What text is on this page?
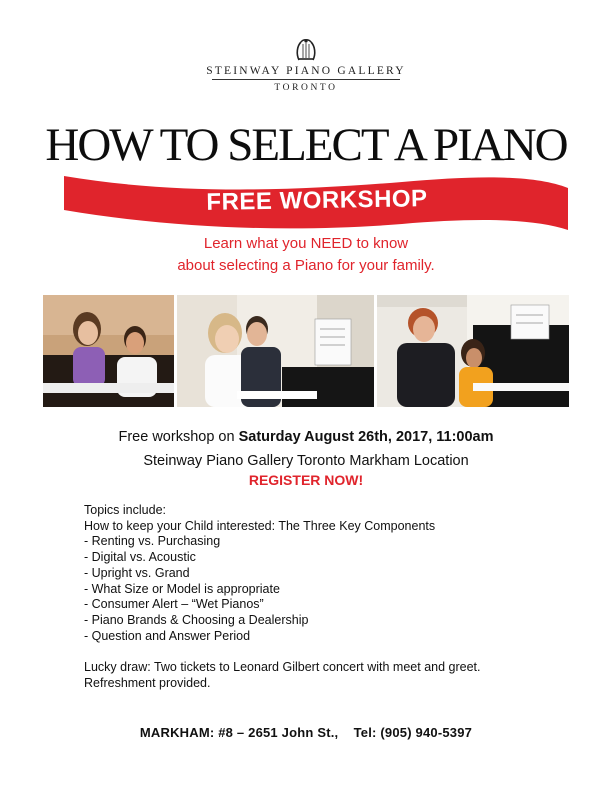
STEINWAY PIANO GALLERY
TORONTO
HOW TO SELECT A PIANO
FREE WORKSHOP
Learn what you NEED to know
about selecting a Piano for your family.
Free workshop on Saturday August 26th, 2017, 11:00am
Steinway Piano Gallery Toronto Markham Location
REGISTER NOW!
Topics include:
How to keep your Child interested: The Three Key Components
- Renting vs. Purchasing
- Digital vs. Acoustic
- Upright vs. Grand
- What Size or Model is appropriate
- Consumer Alert – “Wet Pianos”
- Piano Brands & Choosing a Dealership
- Question and Answer Period
Lucky draw: Two tickets to Leonard Gilbert concert with meet and greet.
Refreshment provided.
MARKHAM: #8 – 2651 John St., Tel: (905) 940-5397
